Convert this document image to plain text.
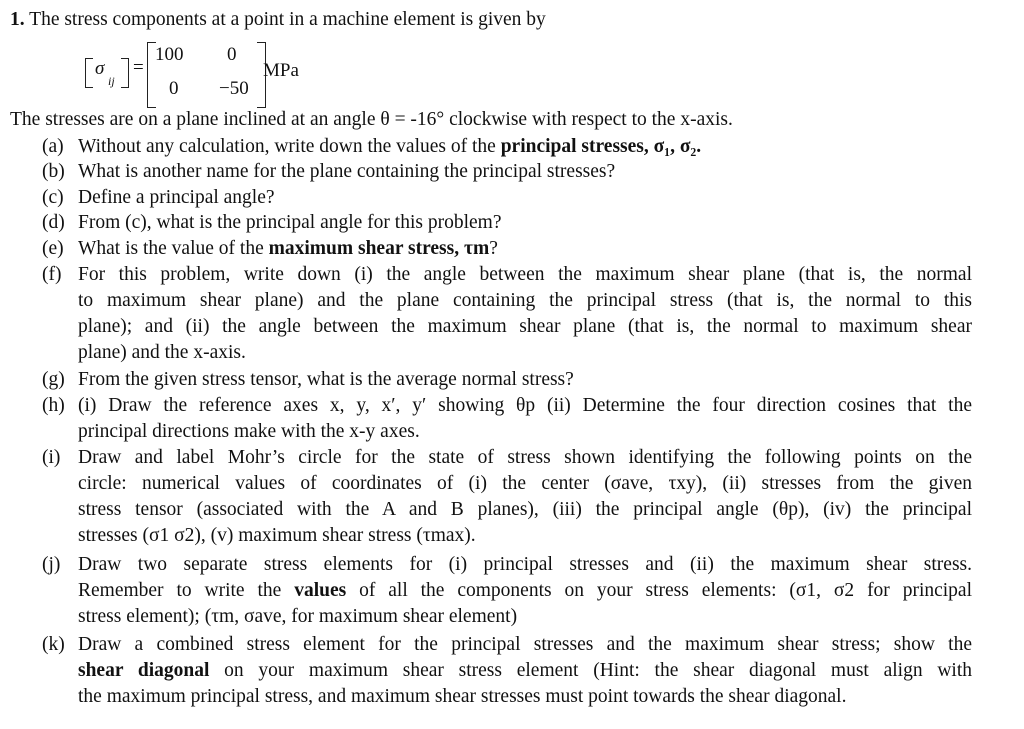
1. The stress components at a point in a machine element is given by
σ
ij
=
100 0
0 −50
MPa
The stresses are on a plane inclined at an angle θ = -16° clockwise with respect to the x-axis.
(a) Without any calculation, write down the values of the principal stresses, σ₁, σ₂.
(b) What is another name for the plane containing the principal stresses?
(c) Define a principal angle?
(d) From (c), what is the principal angle for this problem?
(e) What is the value of the maximum shear stress, τm?
(f) For this problem, write down (i) the angle between the maximum shear plane (that is, the normal
to maximum shear plane) and the plane containing the principal stress (that is, the normal to this
plane); and (ii) the angle between the maximum shear plane (that is, the normal to maximum shear
plane) and the x-axis.
(g) From the given stress tensor, what is the average normal stress?
(h) (i) Draw the reference axes x, y, x′, y′ showing θp (ii) Determine the four direction cosines that the
principal directions make with the x-y axes.
(i) Draw and label Mohr’s circle for the state of stress shown identifying the following points on the
circle: numerical values of coordinates of (i) the center (σave, τxy), (ii) stresses from the given
stress tensor (associated with the A and B planes), (iii) the principal angle (θp), (iv) the principal
stresses (σ1 σ2), (v) maximum shear stress (τmax).
(j) Draw two separate stress elements for (i) principal stresses and (ii) the maximum shear stress.
Remember to write the values of all the components on your stress elements: (σ1, σ2 for principal
stress element); (τm, σave, for maximum shear element)
(k) Draw a combined stress element for the principal stresses and the maximum shear stress; show the
shear diagonal on your maximum shear stress element (Hint: the shear diagonal must align with
the maximum principal stress, and maximum shear stresses must point towards the shear diagonal.
